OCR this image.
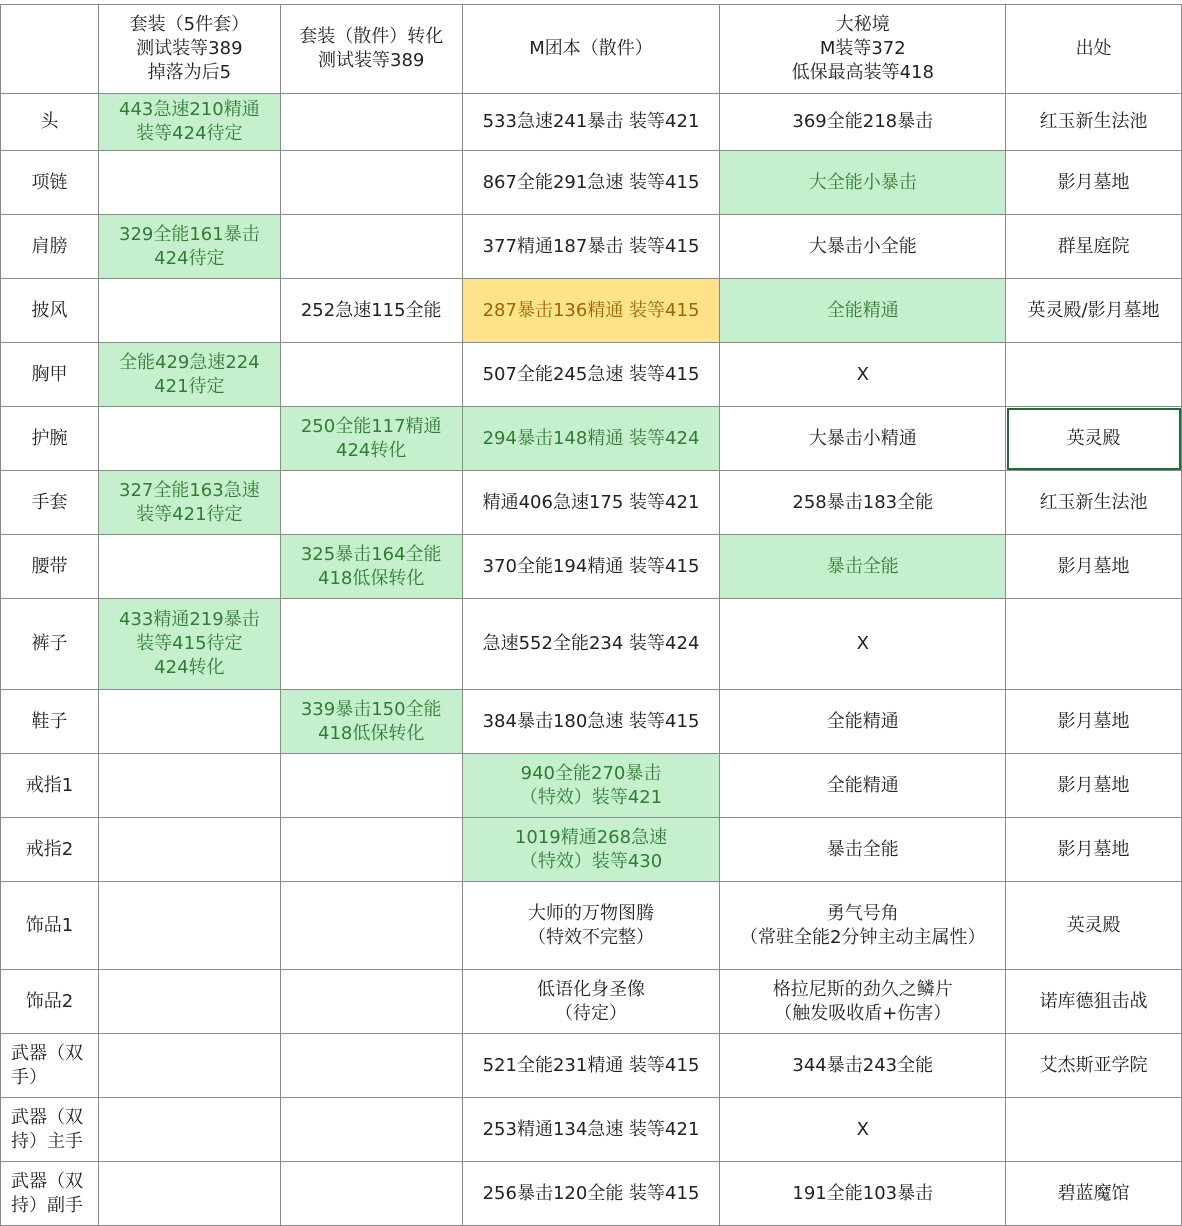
	套装（5件套）
测试装等389
掉落为后5	套装（散件）转化
测试装等389	M团本（散件）	大秘境
M装等372
低保最高装等418	出处
头	443急速210精通
装等424待定		533急速241暴击 装等421	369全能218暴击	红玉新生法池
项链			867全能291急速 装等415	大全能小暴击	影月墓地
肩膀	329全能161暴击
424待定		377精通187暴击 装等415	大暴击小全能	群星庭院
披风		252急速115全能	287暴击136精通 装等415	全能精通	英灵殿/影月墓地
胸甲	全能429急速224
421待定		507全能245急速 装等415	X	
护腕		250全能117精通
424转化	294暴击148精通 装等424	大暴击小精通	英灵殿
手套	327全能163急速
装等421待定		精通406急速175 装等421	258暴击183全能	红玉新生法池
腰带		325暴击164全能
418低保转化	370全能194精通 装等415	暴击全能	影月墓地
裤子	433精通219暴击
装等415待定
424转化		急速552全能234 装等424	X	
鞋子		339暴击150全能
418低保转化	384暴击180急速 装等415	全能精通	影月墓地
戒指1			940全能270暴击
（特效）装等421	全能精通	影月墓地
戒指2			1019精通268急速
（特效）装等430	暴击全能	影月墓地
饰品1			大师的万物图腾
（特效不完整）	勇气号角
（常驻全能2分钟主动主属性）	英灵殿
饰品2			低语化身圣像
（待定）	格拉尼斯的劲久之鳞片
（触发吸收盾+伤害）	诺库德狙击战
武器（双手）			521全能231精通 装等415	344暴击243全能	艾杰斯亚学院
武器（双持）主手			253精通134急速 装等421	X	
武器（双持）副手			256暴击120全能 装等415	191全能103暴击	碧蓝魔馆
